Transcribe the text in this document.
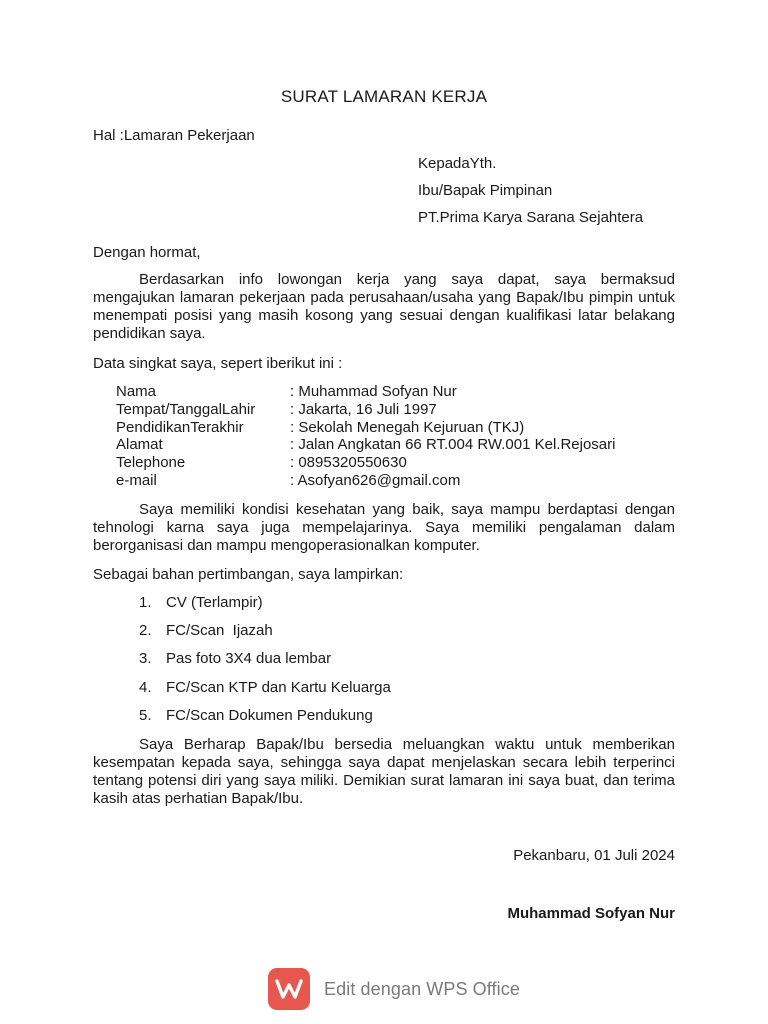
SURAT LAMARAN KERJA
Hal :Lamaran Pekerjaan
KepadaYth.
Ibu/Bapak Pimpinan
PT.Prima Karya Sarana Sejahtera
Dengan hormat,
Berdasarkan info lowongan kerja yang saya dapat, saya bermaksud mengajukan lamaran pekerjaan pada perusahaan/usaha yang Bapak/Ibu pimpin untuk menempati posisi yang masih kosong yang sesuai dengan kualifikasi latar belakang pendidikan saya.
Data singkat saya, sepert iberikut ini :
Nama	: Muhammad Sofyan Nur
Tempat/TanggalLahir	: Jakarta, 16 Juli 1997
PendidikanTerakhir	: Sekolah Menegah Kejuruan (TKJ)
Alamat	: Jalan Angkatan 66 RT.004 RW.001 Kel.Rejosari
Telephone	: 0895320550630
e-mail	: Asofyan626@gmail.com
Saya memiliki kondisi kesehatan yang baik, saya mampu berdaptasi dengan tehnologi karna saya juga mempelajarinya. Saya memiliki pengalaman dalam berorganisasi dan mampu mengoperasionalkan komputer.
Sebagai bahan pertimbangan, saya lampirkan:
1. CV (Terlampir)
2. FC/Scan  Ijazah
3. Pas foto 3X4 dua lembar
4. FC/Scan KTP dan Kartu Keluarga
5. FC/Scan Dokumen Pendukung
Saya Berharap Bapak/Ibu bersedia meluangkan waktu untuk memberikan kesempatan kepada saya, sehingga saya dapat menjelaskan secara lebih terperinci tentang potensi diri yang saya miliki. Demikian surat lamaran ini saya buat, dan terima kasih atas perhatian Bapak/Ibu.
Pekanbaru, 01 Juli 2024
Muhammad Sofyan Nur
Edit dengan WPS Office
